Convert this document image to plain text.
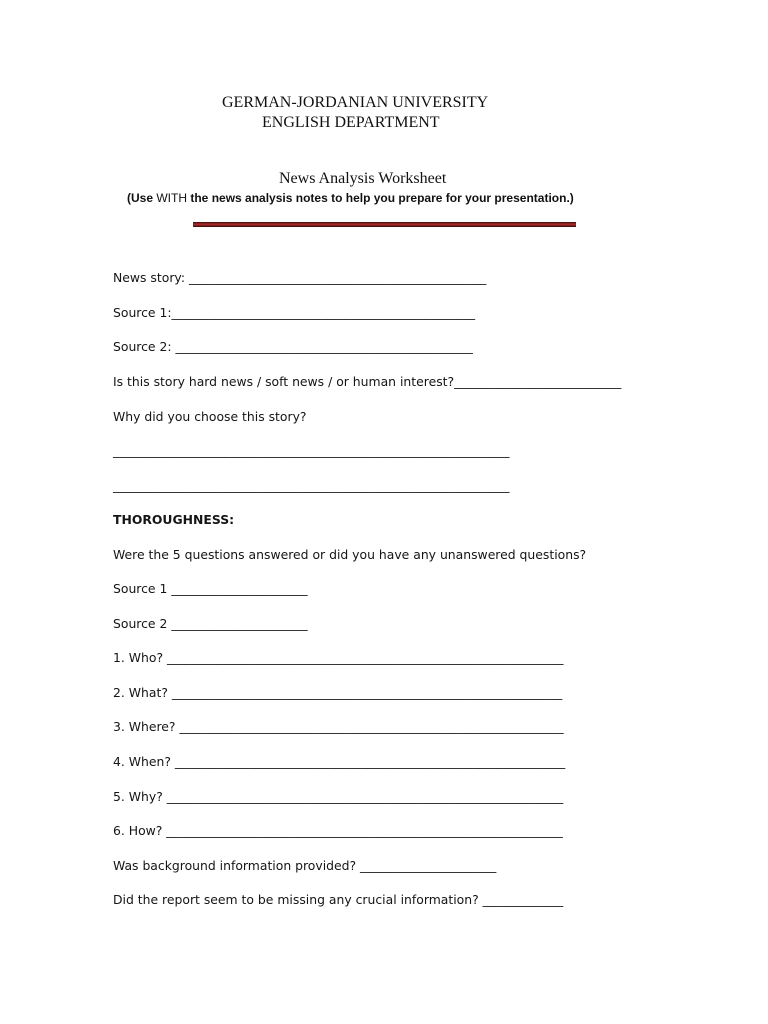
GERMAN-JORDANIAN UNIVERSITY
ENGLISH DEPARTMENT
News Analysis Worksheet
(Use WITH the news analysis notes to help you prepare for your presentation.)
News story: ________________________________________________
Source 1:_________________________________________________
Source 2: ________________________________________________
Is this story hard news / soft news / or human interest?___________________________
Why did you choose this story?
________________________________________________________________
________________________________________________________________
THOROUGHNESS:
Were the 5 questions answered or did you have any unanswered questions?
Source 1 ______________________
Source 2 ______________________
1. Who? ________________________________________________________________
2. What? _______________________________________________________________
3. Where? ______________________________________________________________
4. When? _______________________________________________________________
5. Why? ________________________________________________________________
6. How? ________________________________________________________________
Was background information provided? ______________________
Did the report seem to be missing any crucial information? _____________
